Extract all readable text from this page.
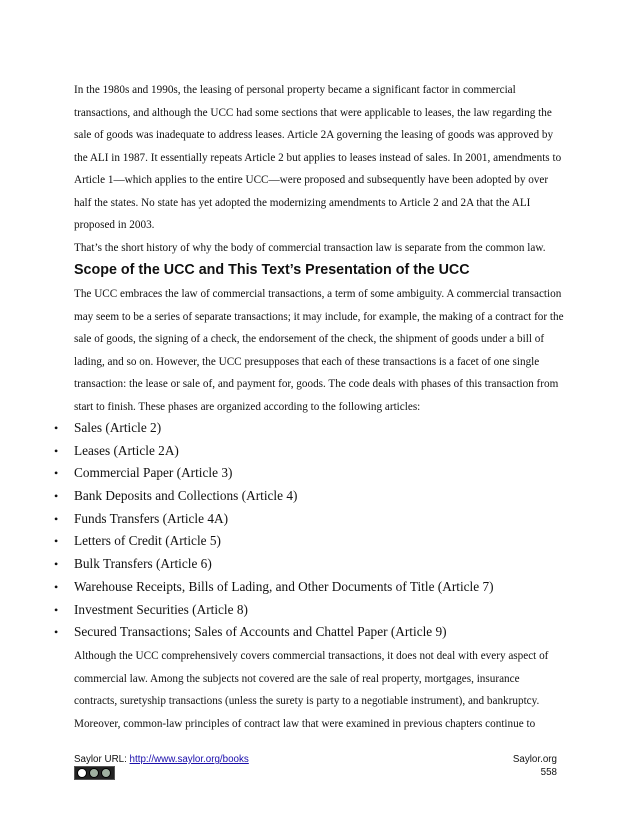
In the 1980s and 1990s, the leasing of personal property became a significant factor in commercial transactions, and although the UCC had some sections that were applicable to leases, the law regarding the sale of goods was inadequate to address leases. Article 2A governing the leasing of goods was approved by the ALI in 1987. It essentially repeats Article 2 but applies to leases instead of sales. In 2001, amendments to Article 1—which applies to the entire UCC—were proposed and subsequently have been adopted by over half the states. No state has yet adopted the modernizing amendments to Article 2 and 2A that the ALI proposed in 2003.

That’s the short history of why the body of commercial transaction law is separate from the common law.

Scope of the UCC and This Text’s Presentation of the UCC

The UCC embraces the law of commercial transactions, a term of some ambiguity. A commercial transaction may seem to be a series of separate transactions; it may include, for example, the making of a contract for the sale of goods, the signing of a check, the endorsement of the check, the shipment of goods under a bill of lading, and so on. However, the UCC presupposes that each of these transactions is a facet of one single transaction: the lease or sale of, and payment for, goods. The code deals with phases of this transaction from start to finish. These phases are organized according to the following articles:

• Sales (Article 2)
• Leases (Article 2A)
• Commercial Paper (Article 3)
• Bank Deposits and Collections (Article 4)
• Funds Transfers (Article 4A)
• Letters of Credit (Article 5)
• Bulk Transfers (Article 6)
• Warehouse Receipts, Bills of Lading, and Other Documents of Title (Article 7)
• Investment Securities (Article 8)
• Secured Transactions; Sales of Accounts and Chattel Paper (Article 9)

Although the UCC comprehensively covers commercial transactions, it does not deal with every aspect of commercial law. Among the subjects not covered are the sale of real property, mortgages, insurance contracts, suretyship transactions (unless the surety is party to a negotiable instrument), and bankruptcy. Moreover, common-law principles of contract law that were examined in previous chapters continue to

Saylor URL: http://www.saylor.org/books	Saylor.org
558
